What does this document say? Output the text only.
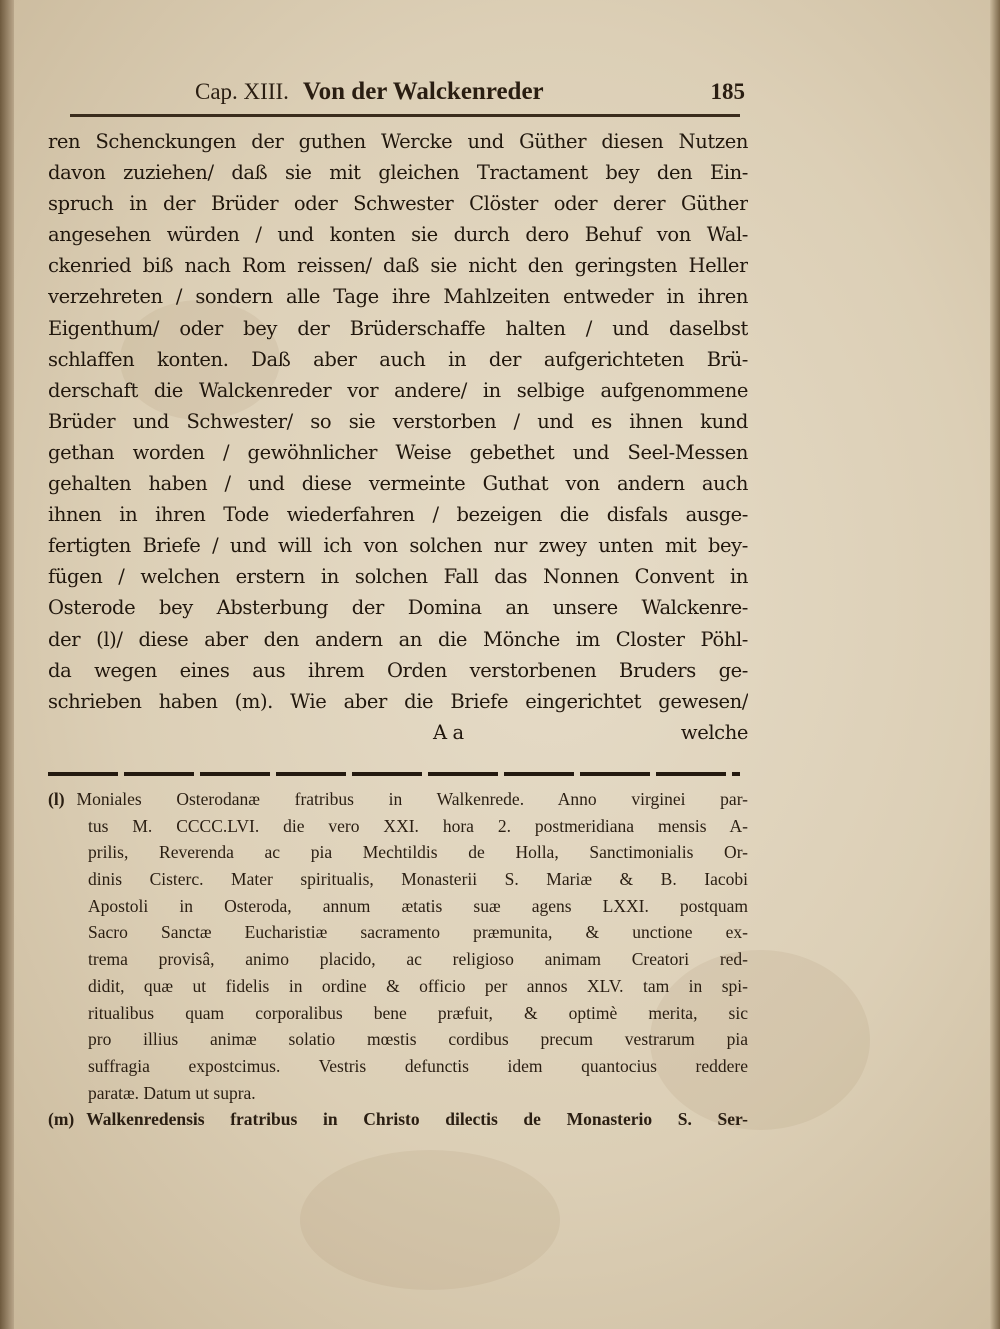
Cap. XIII. Von der Walckenreder	185
ren Schenckungen der guthen Wercke und Güther diesen Nutzen
davon zuziehen/ daß sie mit gleichen Tractament bey den Ein-
spruch in der Brüder oder Schwester Clöster oder derer Güther
angesehen würden / und konten sie durch dero Behuf von Wal-
ckenried biß nach Rom reissen/ daß sie nicht den geringsten Heller
verzehreten / sondern alle Tage ihre Mahlzeiten entweder in ihren
Eigenthum/ oder bey der Brüderschaffe halten / und daselbst
schlaffen konten. Daß aber auch in der aufgerichteten Brü-
derschaft die Walckenreder vor andere/ in selbige aufgenommene
Brüder und Schwester/ so sie verstorben / und es ihnen kund
gethan worden / gewöhnlicher Weise gebethet und Seel-Messen
gehalten haben / und diese vermeinte Guthat von andern auch
ihnen in ihren Tode wiederfahren / bezeigen die disfals ausge-
fertigten Briefe / und will ich von solchen nur zwey unten mit bey-
fügen / welchen erstern in solchen Fall das Nonnen Convent in
Osterode bey Absterbung der Domina an unsere Walckenre-
der (l)/ diese aber den andern an die Mönche im Closter Pöhl-
da wegen eines aus ihrem Orden verstorbenen Bruders ge-
schrieben haben (m). Wie aber die Briefe eingerichtet gewesen/
A a	welche
(l) Moniales Osterodanæ fratribus in Walkenrede. Anno virginei par-
tus M. CCCC.LVI. die vero XXI. hora 2. postmeridiana mensis A-
prilis, Reverenda ac pia Mechtildis de Holla, Sanctimonialis Or-
dinis Cisterc. Mater spiritualis, Monasterii S. Mariæ & B. Iacobi
Apostoli in Osteroda, annum ætatis suæ agens LXXI. postquam
Sacro Sanctæ Eucharistiæ sacramento præmunita, & unctione ex-
trema provisâ, animo placido, ac religioso animam Creatori red-
didit, quæ ut fidelis in ordine & officio per annos XLV. tam in spi-
ritualibus quam corporalibus bene præfuit, & optimè merita, sic
pro illius animæ solatio mœstis cordibus precum vestrarum pia
suffragia expostcimus. Vestris defunctis idem quantocius reddere
paratæ. Datum ut supra.
(m) Walkenredensis fratribus in Christo dilectis de Monasterio S. Ser-
